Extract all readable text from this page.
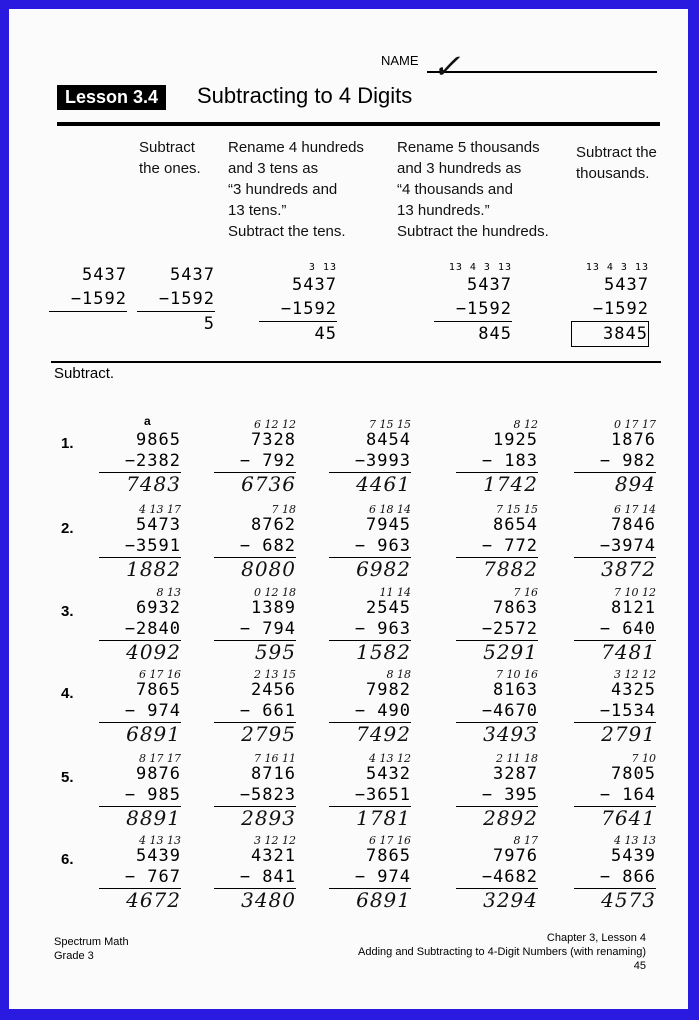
NAME ✓
Lesson 3.4	Subtracting to 4 Digits
Subtract
the ones.
Rename 4 hundreds
and 3 tens as
“3 hundreds and
13 tens.”
Subtract the tens.
Rename 5 thousands
and 3 hundreds as
“4 thousands and
13 hundreds.”
Subtract the hundreds.
Subtract the
thousands.
5437
−1592
5437
−1592
5
3 13
5437
−1592
45
13 4 3 13
5437
−1592
845
13 4 3 13
5437
−1592
3845
Subtract.
a
1.	9865
−2382
7483
6 12 12
7328
− 792
6736
7 15 15
8454
−3993
4461
8 12
1925
− 183
1742
0 17 17
1876
− 982
894
2.
4 13 17
5473
−3591
1882
7 18
8762
− 682
8080
6 18 14
7945
− 963
6982
7 15 15
8654
− 772
7882
6 17 14
7846
−3974
3872
3.
8 13
6932
−2840
4092
0 12 18
1389
− 794
595
11 14
2545
− 963
1582
7 16
7863
−2572
5291
7 10 12
8121
− 640
7481
4.
6 17 16
7865
− 974
6891
2 13 15
2456
− 661
2795
8 18
7982
− 490
7492
7 10 16
8163
−4670
3493
3 12 12
4325
−1534
2791
5.
8 17 17
9876
− 985
8891
7 16 11
8716
−5823
2893
4 13 12
5432
−3651
1781
2 11 18
3287
− 395
2892
7 10
7805
− 164
7641
6.
4 13 13
5439
− 767
4672
3 12 12
4321
− 841
3480
6 17 16
7865
− 974
6891
8 17
7976
−4682
3294
4 13 13
5439
− 866
4573
Spectrum Math
Grade 3
Chapter 3, Lesson 4
Adding and Subtracting to 4-Digit Numbers (with renaming)
45
